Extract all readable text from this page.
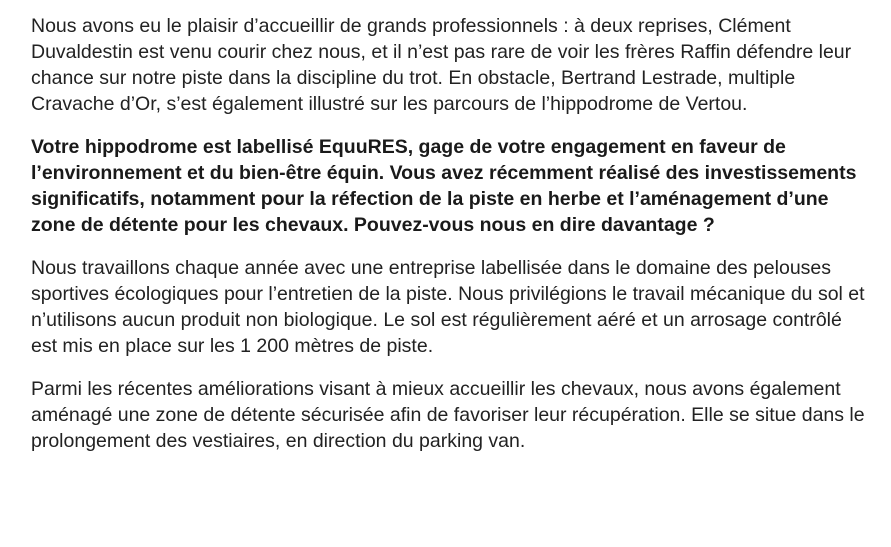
Nous avons eu le plaisir d’accueillir de grands professionnels : à deux reprises, Clément Duvaldestin est venu courir chez nous, et il n’est pas rare de voir les frères Raffin défendre leur chance sur notre piste dans la discipline du trot. En obstacle, Bertrand Lestrade, multiple Cravache d’Or, s’est également illustré sur les parcours de l’hippodrome de Vertou.

Votre hippodrome est labellisé EquuRES, gage de votre engagement en faveur de l’environnement et du bien-être équin. Vous avez récemment réalisé des investissements significatifs, notamment pour la réfection de la piste en herbe et l’aménagement d’une zone de détente pour les chevaux. Pouvez-vous nous en dire davantage ?

Nous travaillons chaque année avec une entreprise labellisée dans le domaine des pelouses sportives écologiques pour l’entretien de la piste. Nous privilégions le travail mécanique du sol et n’utilisons aucun produit non biologique. Le sol est régulièrement aéré et un arrosage contrôlé est mis en place sur les 1 200 mètres de piste.

Parmi les récentes améliorations visant à mieux accueillir les chevaux, nous avons également aménagé une zone de détente sécurisée afin de favoriser leur récupération. Elle se situe dans le prolongement des vestiaires, en direction du parking van.
